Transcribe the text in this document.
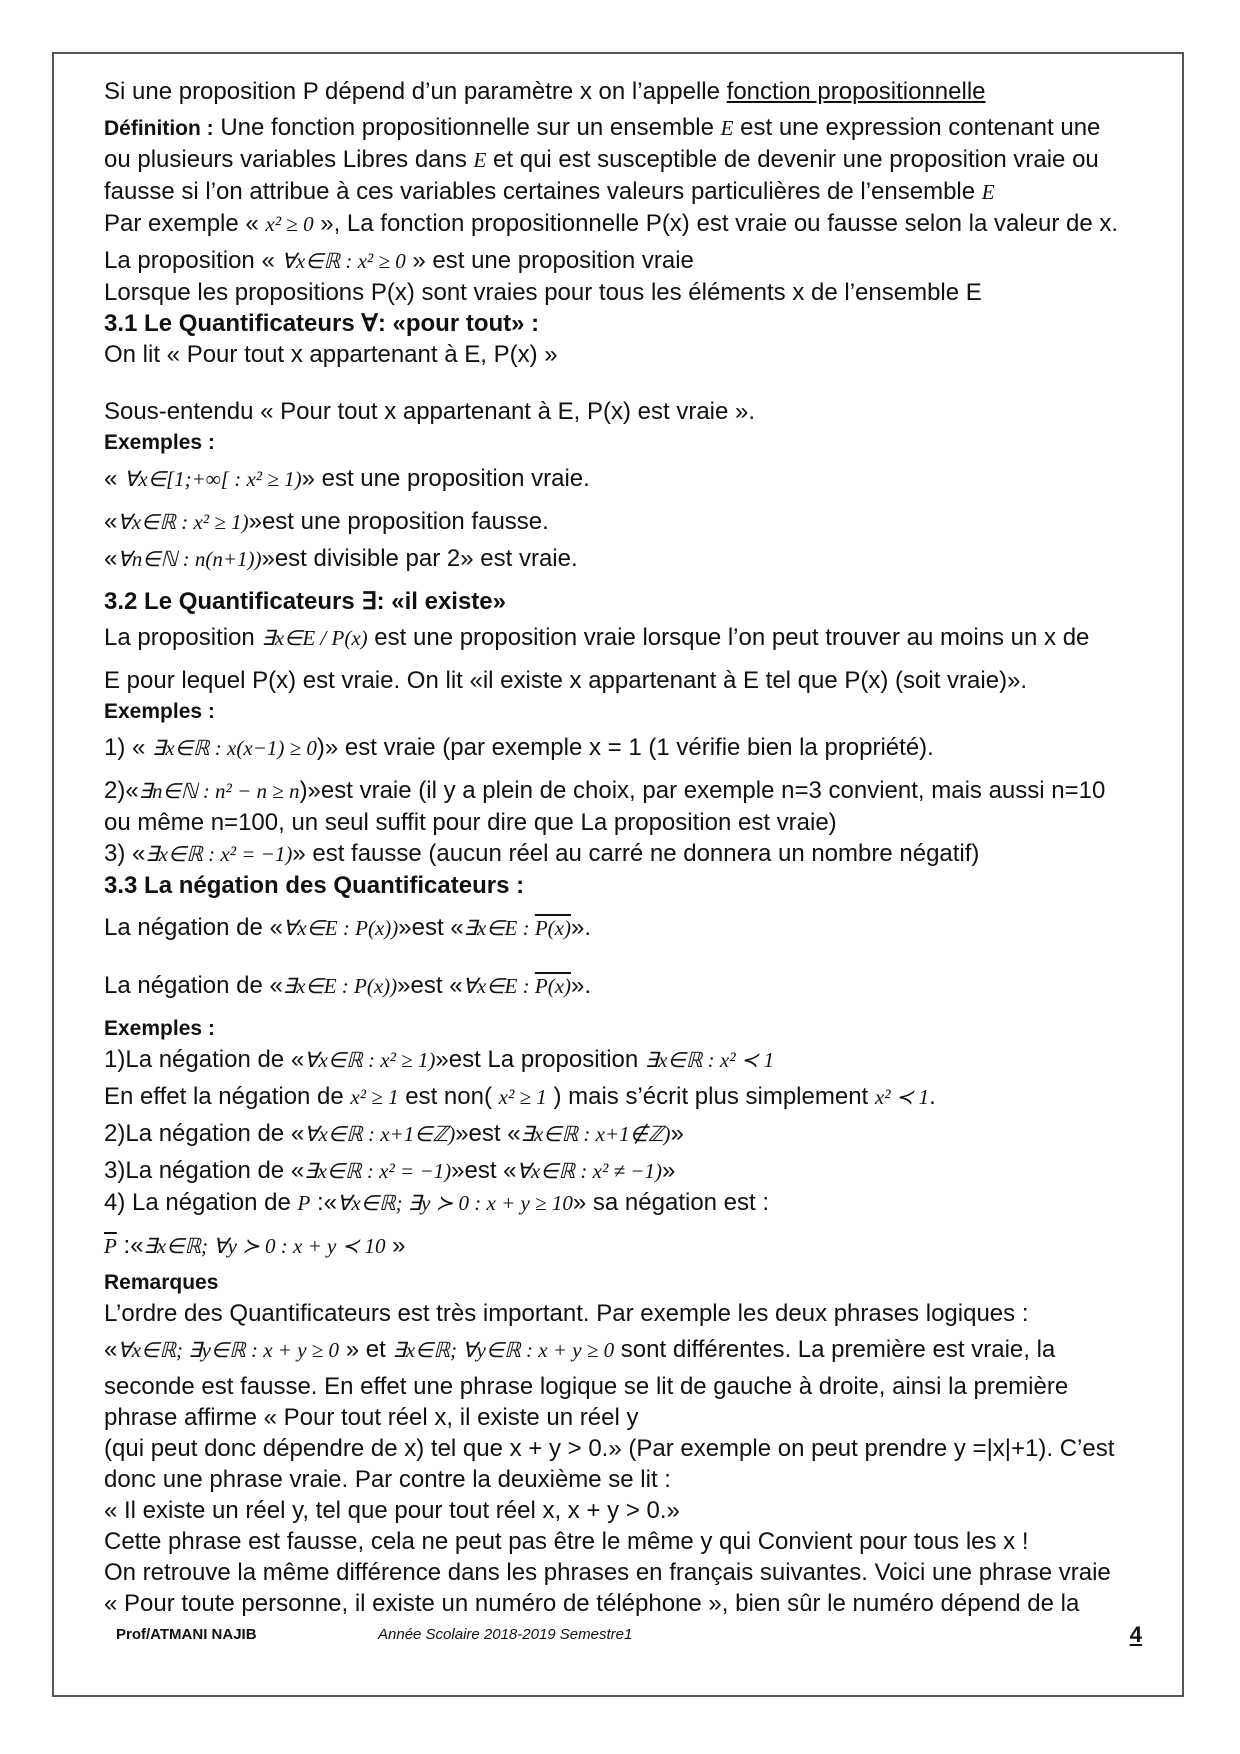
Si une proposition P dépend d’un paramètre x on l’appelle fonction propositionnelle
Définition : Une fonction propositionnelle sur un ensemble E est une expression contenant une
ou plusieurs variables Libres dans E et qui est susceptible de devenir une proposition vraie ou
fausse si l’on attribue à ces variables certaines valeurs particulières de l’ensemble E
Par exemple « x² ≥ 0 », La fonction propositionnelle P(x) est vraie ou fausse selon la valeur de x.
La proposition « ∀x∈ℝ : x² ≥ 0 » est une proposition vraie
Lorsque les propositions P(x) sont vraies pour tous les éléments x de l’ensemble E
3.1 Le Quantificateurs ∀: «pour tout» :
On lit « Pour tout x appartenant à E, P(x) »
Sous-entendu « Pour tout x appartenant à E, P(x) est vraie ».
Exemples :
« ∀x∈[1;+∞[ : x² ≥ 1)» est une proposition vraie.
«∀x∈ℝ : x² ≥ 1)»est une proposition fausse.
«∀n∈ℕ : n(n+1))»est divisible par 2» est vraie.
3.2 Le Quantificateurs ∃: «il existe»
La proposition ∃x∈E / P(x) est une proposition vraie lorsque l’on peut trouver au moins un x de
E pour lequel P(x) est vraie. On lit «il existe x appartenant à E tel que P(x) (soit vraie)».
Exemples :
1) « ∃x∈ℝ : x(x−1) ≥ 0)» est vraie (par exemple x = 1 (1 vérifie bien la propriété).
2)«∃n∈ℕ : n² − n ≥ n)»est vraie (il y a plein de choix, par exemple n=3 convient, mais aussi n=10
ou même n=100, un seul suffit pour dire que La proposition est vraie)
3) «∃x∈ℝ : x² = −1)» est fausse (aucun réel au carré ne donnera un nombre négatif)
3.3 La négation des Quantificateurs :
La négation de «∀x∈E : P(x))»est «∃x∈E : P(x)».
La négation de «∃x∈E : P(x))»est «∀x∈E : P(x)».
Exemples :
1)La négation de «∀x∈ℝ : x² ≥ 1)»est La proposition ∃x∈ℝ : x² ≺ 1
En effet la négation de x² ≥ 1 est non( x² ≥ 1 ) mais s’écrit plus simplement x² ≺ 1.
2)La négation de «∀x∈ℝ : x+1∈ℤ)»est «∃x∈ℝ : x+1∉ℤ)»
3)La négation de «∃x∈ℝ : x² = −1)»est «∀x∈ℝ : x² ≠ −1)»
4) La négation de P :«∀x∈ℝ; ∃y ≻ 0 : x + y ≥ 10» sa négation est :
$\overline{P}$ :«∃x∈ℝ; ∀y ≻ 0 : x + y ≺ 10 »
Remarques
L’ordre des Quantificateurs est très important. Par exemple les deux phrases logiques :
«∀x∈ℝ; ∃y∈ℝ : x + y ≥ 0 » et ∃x∈ℝ; ∀y∈ℝ : x + y ≥ 0 sont différentes. La première est vraie, la
seconde est fausse. En effet une phrase logique se lit de gauche à droite, ainsi la première
phrase affirme « Pour tout réel x, il existe un réel y
(qui peut donc dépendre de x) tel que x + y > 0.» (Par exemple on peut prendre y =|x|+1). C’est
donc une phrase vraie. Par contre la deuxième se lit :
« Il existe un réel y, tel que pour tout réel x, x + y > 0.»
Cette phrase est fausse, cela ne peut pas être le même y qui Convient pour tous les x !
On retrouve la même différence dans les phrases en français suivantes. Voici une phrase vraie
« Pour toute personne, il existe un numéro de téléphone », bien sûr le numéro dépend de la
Prof/ATMANI NAJIB	Année Scolaire 2018-2019 Semestre1	4
